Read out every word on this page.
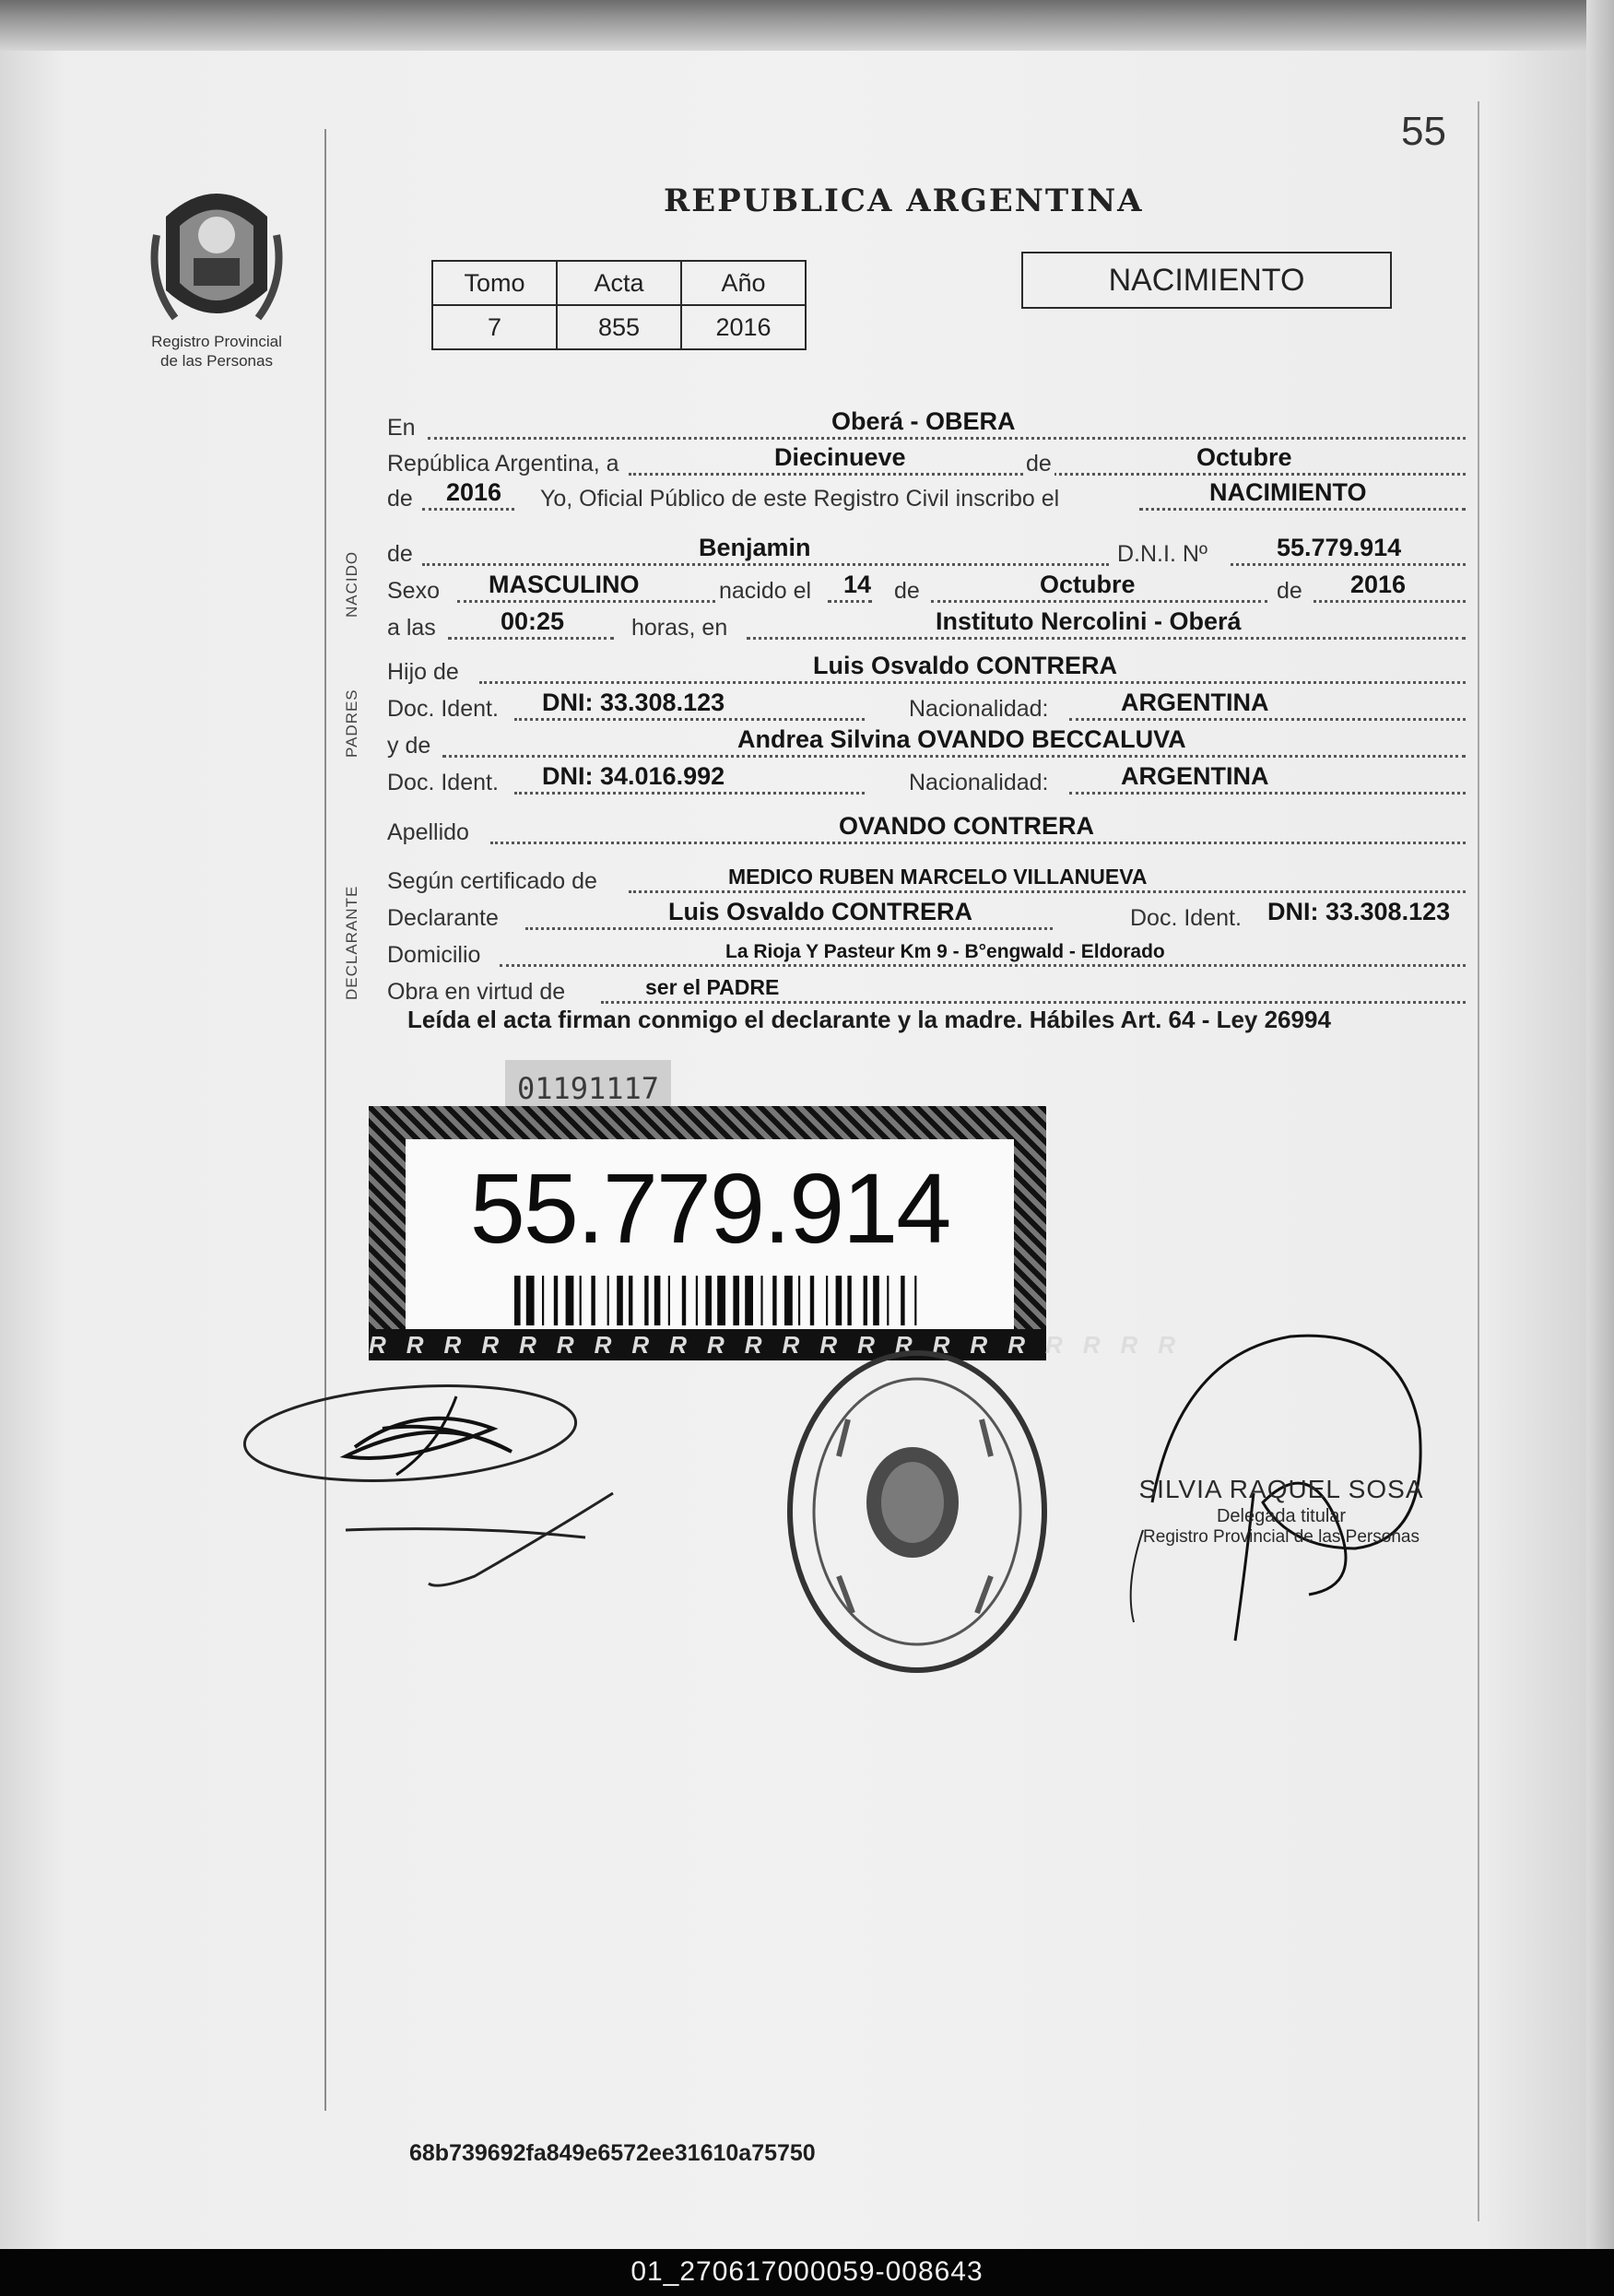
55
REPUBLICA ARGENTINA
Registro Provincial
de las Personas
Tomo	Acta	Año
7	855	2016
NACIMIENTO
NACIDO
PADRES
DECLARANTE
En	Oberá - OBERA
República Argentina, a	Diecinueve	de	Octubre
de 2016 Yo, Oficial Público de este Registro Civil inscribo el	NACIMIENTO
de	Benjamin	D.N.I. Nº	55.779.914
Sexo MASCULINO	nacido el 14 de	Octubre	de 2016
a las	00:25	horas, en	Instituto Nercolini - Oberá
Hijo de	Luis Osvaldo CONTRERA
Doc. Ident. DNI: 33.308.123	Nacionalidad:	ARGENTINA
y de	Andrea Silvina OVANDO BECCALUVA
Doc. Ident. DNI: 34.016.992	Nacionalidad:	ARGENTINA
Apellido	OVANDO CONTRERA
Según certificado de	MEDICO RUBEN MARCELO VILLANUEVA
Declarante	Luis Osvaldo CONTRERA	Doc. Ident. DNI: 33.308.123
Domicilio	La Rioja Y Pasteur Km 9 - B°engwald - Eldorado
Obra en virtud de	ser el PADRE
Leída el acta firman conmigo el declarante y la madre. Hábiles Art. 64 - Ley 26994
01191117
55.779.914
RRRRRRRRRRRRRRRRRRRRRR
SILVIA RAQUEL SOSA
Delegada titular
Registro Provincial de las Personas
68b739692fa849e6572ee31610a75750
01_270617000059-008643
